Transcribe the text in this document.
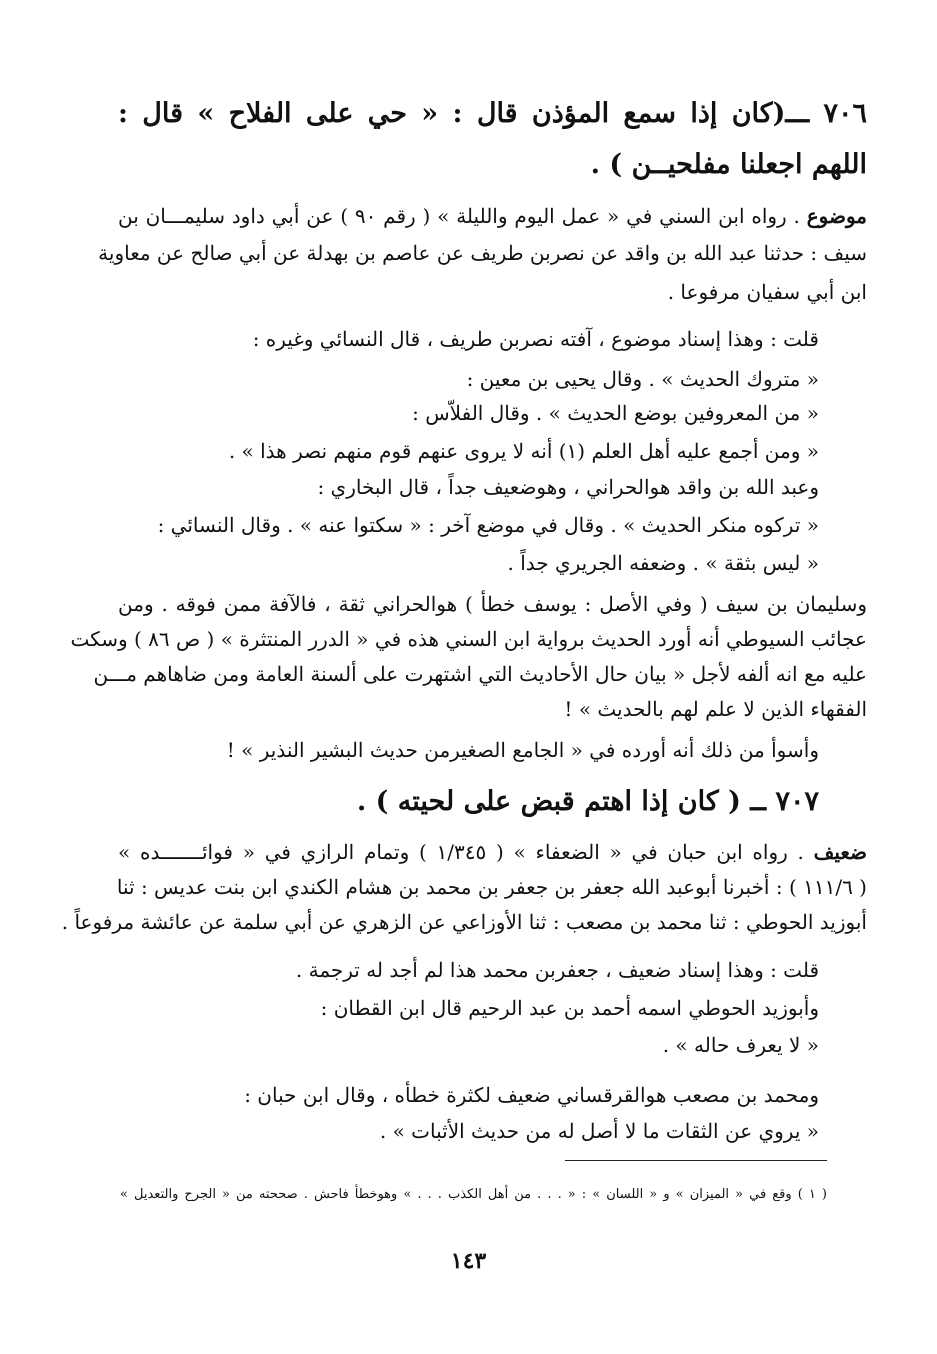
٧٠٦ ـــ(كان إذا سمع المؤذن قال : « حي على الفلاح » قال :
اللهم اجعلنا مفلحيــن ) .
موضوع . رواه ابن السني في « عمل اليوم والليلة » ( رقم ٩٠ ) عن أبي داود سليمـــان بن
سيف : حدثنا عبد الله بن واقد عن نصربن طريف عن عاصم بن بهدلة عن أبي صالح عن معاوية
ابن أبي سفيان مرفوعا .
قلت : وهذا إسناد موضوع ، آفته نصربن طريف ، قال النسائي وغيره :
« متروك الحديث » . وقال يحيى بن معين :
« من المعروفين بوضع الحديث » . وقال الفلاّس :
« ومن أجمع عليه أهل العلم (١) أنه لا يروى عنهم قوم منهم نصر هذا » .
وعبد الله بن واقد هوالحراني ، وهوضعيف جداً ، قال البخاري :
« تركوه منكر الحديث » . وقال في موضع آخر : « سكتوا عنه » . وقال النسائي :
« ليس بثقة » . وضعفه الجريري جداً .
وسليمان بن سيف ( وفي الأصل : يوسف خطأ ) هوالحراني ثقة ، فالآفة ممن فوقه . ومن
عجائب السيوطي أنه أورد الحديث برواية ابن السني هذه في « الدرر المنتثرة » ( ص ٨٦ ) وسكت
عليه مع انه ألفه لأجل « بيان حال الأحاديث التي اشتهرت على ألسنة العامة ومن ضاهاهم مـــن
الفقهاء الذين لا علم لهم بالحديث » !
وأسوأ من ذلك أنه أورده في « الجامع الصغيرمن حديث البشير النذير » !
٧٠٧ ــ ( كان إذا اهتم قبض على لحيته ) .
ضعيف . رواه ابن حبان في « الضعفاء » ( ١/٣٤٥ ) وتمام الرازي في « فوائـــــــده »
( ١١١/٦ ) : أخبرنا أبوعبد الله جعفر بن جعفر بن محمد بن هشام الكندي ابن بنت عديس : ثنا
أبوزيد الحوطي : ثنا محمد بن مصعب : ثنا الأوزاعي عن الزهري عن أبي سلمة عن عائشة مرفوعاً .
قلت : وهذا إسناد ضعيف ، جعفربن محمد هذا لم أجد له ترجمة .
وأبوزيد الحوطي اسمه أحمد بن عبد الرحيم قال ابن القطان :
« لا يعرف حاله » .
ومحمد بن مصعب هوالقرقساني ضعيف لكثرة خطأه ، وقال ابن حبان :
« يروي عن الثقات ما لا أصل له من حديث الأثبات » .
( ١ ) وقع في « الميزان » و « اللسان » : « . . . من أهل الكذب . . . » وهوخطأ فاحش . صححته من « الجرح والتعديل »
١٤٣
